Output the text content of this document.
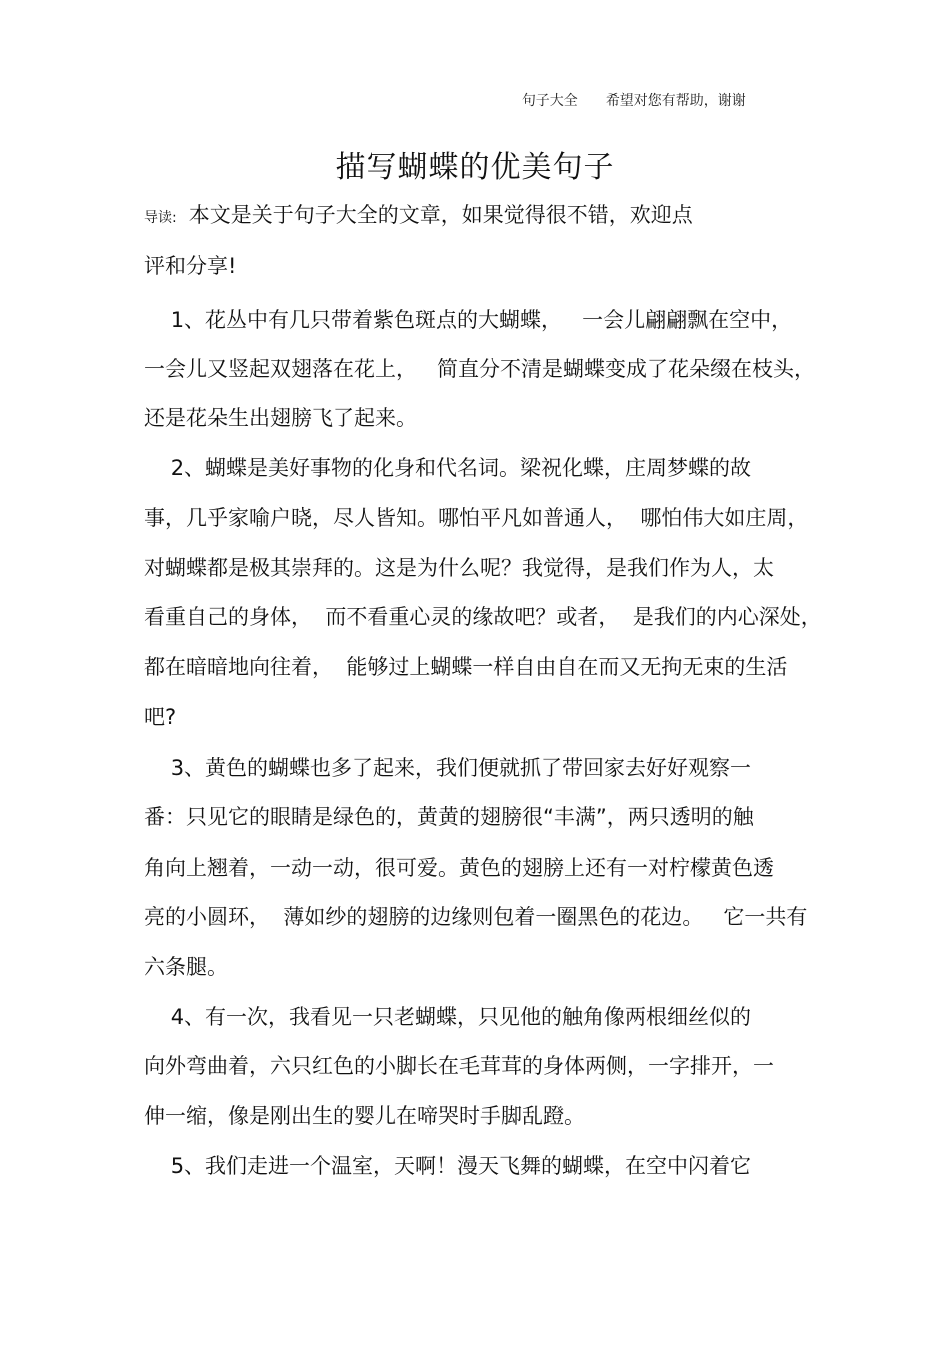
句子大全 希望对您有帮助，谢谢

描写蝴蝶的优美句子
导读: 本文是关于句子大全的文章，如果觉得很不错，欢迎点
评和分享!
1、花丛中有几只带着紫色斑点的大蝴蝶，   一会儿翩翩飘在空中，
一会儿又竖起双翅落在花上，   简直分不清是蝴蝶变成了花朵缀在枝头，
还是花朵生出翅膀飞了起来。
2、蝴蝶是美好事物的化身和代名词。梁祝化蝶，庄周梦蝶的故
事，几乎家喻户晓，尽人皆知。哪怕平凡如普通人，  哪怕伟大如庄周，
对蝴蝶都是极其崇拜的。这是为什么呢？我觉得，是我们作为人，太
看重自己的身体，  而不看重心灵的缘故吧？或者，  是我们的内心深处，
都在暗暗地向往着，  能够过上蝴蝶一样自由自在而又无拘无束的生活
吧?
3、黄色的蝴蝶也多了起来，我们便就抓了带回家去好好观察一
番：只见它的眼睛是绿色的，黄黄的翅膀很“丰满”，两只透明的触
角向上翘着，一动一动，很可爱。黄色的翅膀上还有一对柠檬黄色透
亮的小圆环，  薄如纱的翅膀的边缘则包着一圈黑色的花边。   它一共有
六条腿。
4、有一次，我看见一只老蝴蝶，只见他的触角像两根细丝似的
向外弯曲着，六只红色的小脚长在毛茸茸的身体两侧，一字排开，一
伸一缩，像是刚出生的婴儿在啼哭时手脚乱蹬。
5、我们走进一个温室，天啊！漫天飞舞的蝴蝶，在空中闪着它
